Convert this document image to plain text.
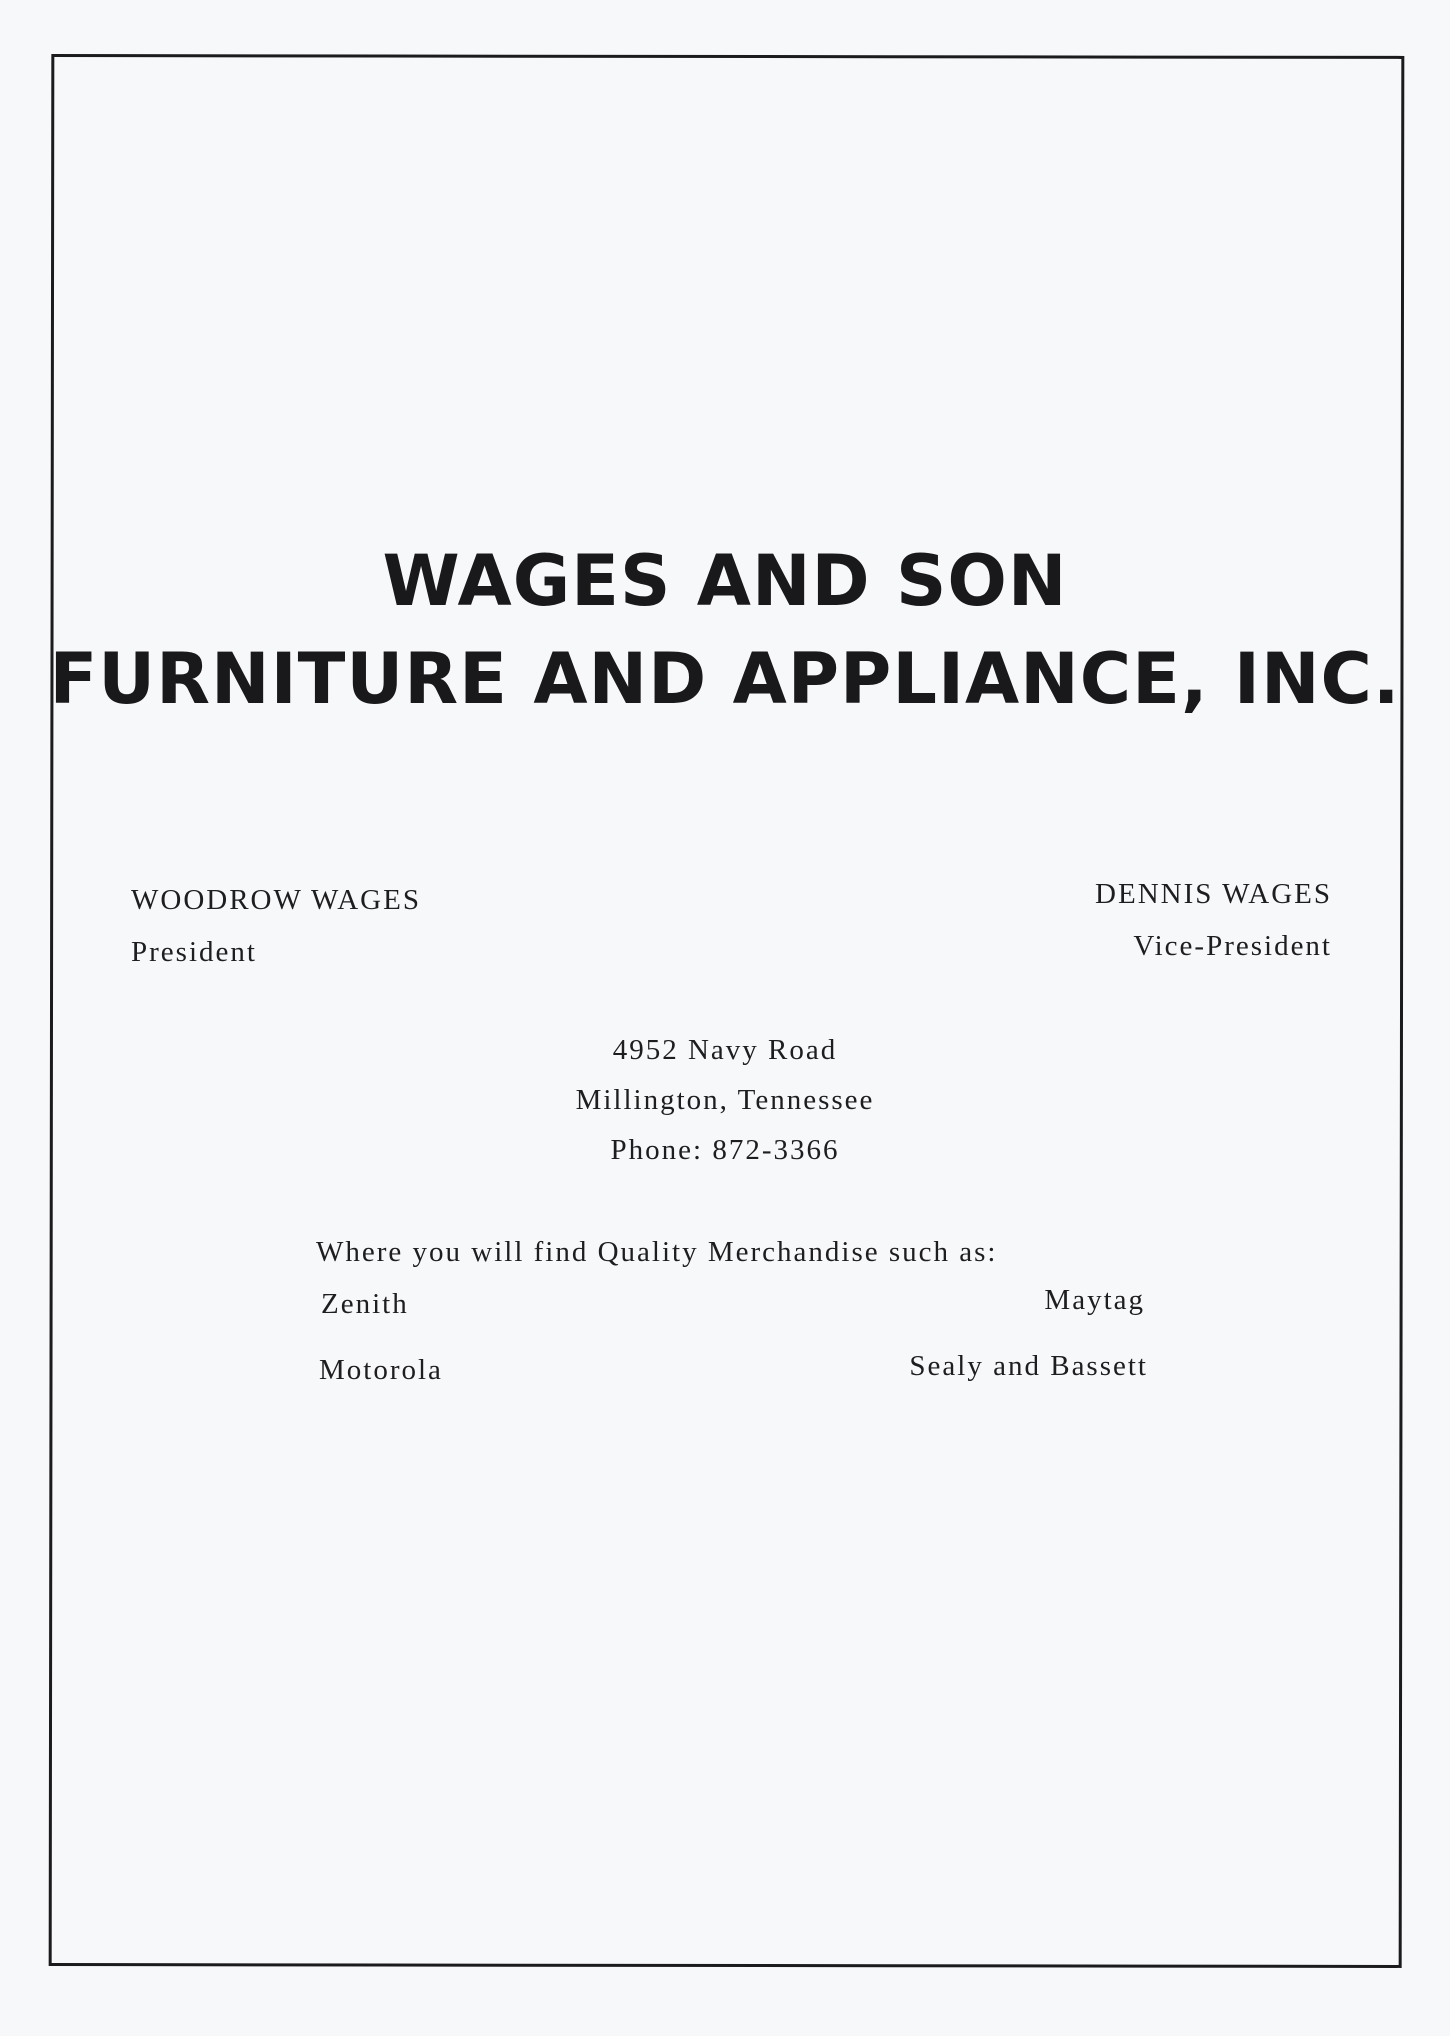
WAGES AND SON
FURNITURE AND APPLIANCE, INC.

WOODROW WAGES

President

DENNIS WAGES

Vice-President

4952 Navy Road

Millington, Tennessee

Phone: 872-3366

Where you will find Quality Merchandise such as:

Zenith	Maytag

Motorola	Sealy and Bassett
